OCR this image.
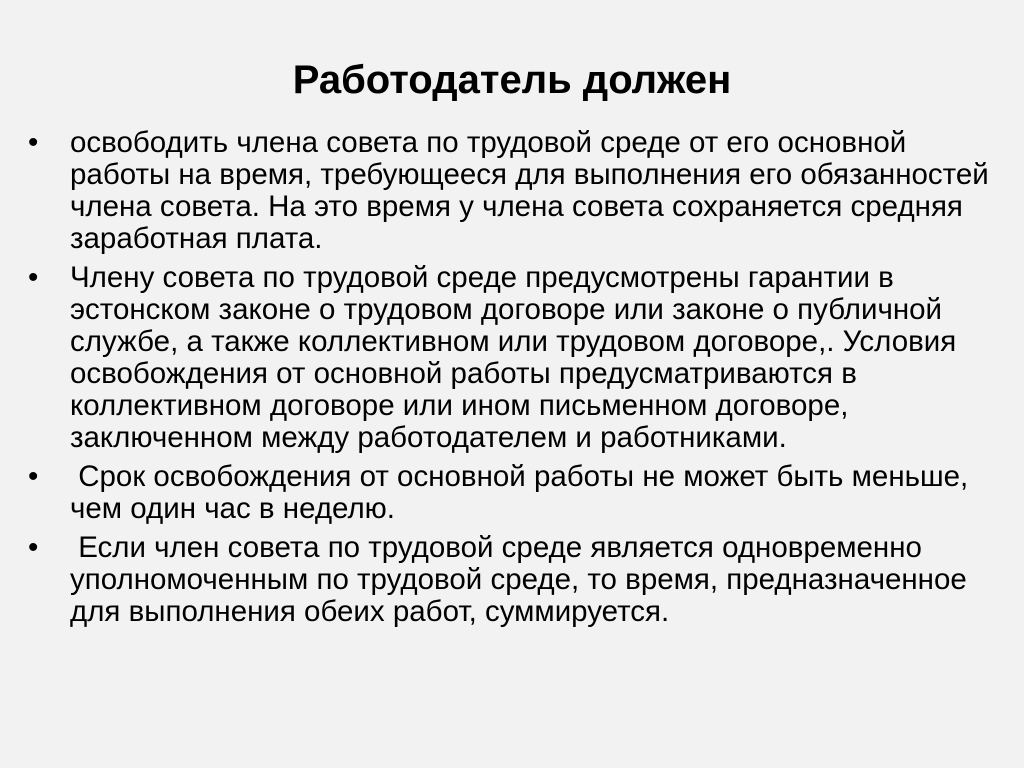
Работодатель должен
•	освободить члена совета по трудовой среде от его основной работы на время, требующееся для выполнения его обязанностей члена совета. На это время у члена совета сохраняется средняя заработная плата.
•	Члену совета по трудовой среде предусмотрены гарантии в эстонском законе о трудовом договоре или законе о публичной службе, а также коллективном или трудовом договоре,. Условия освобождения от основной работы предусматриваются в коллективном договоре или ином письменном договоре, заключенном между работодателем и работниками.
•	Срок освобождения от основной работы не может быть меньше, чем один час в неделю.
•	Если член совета по трудовой среде является одновременно уполномоченным по трудовой среде, то время, предназначенное для выполнения обеих работ, суммируется.
